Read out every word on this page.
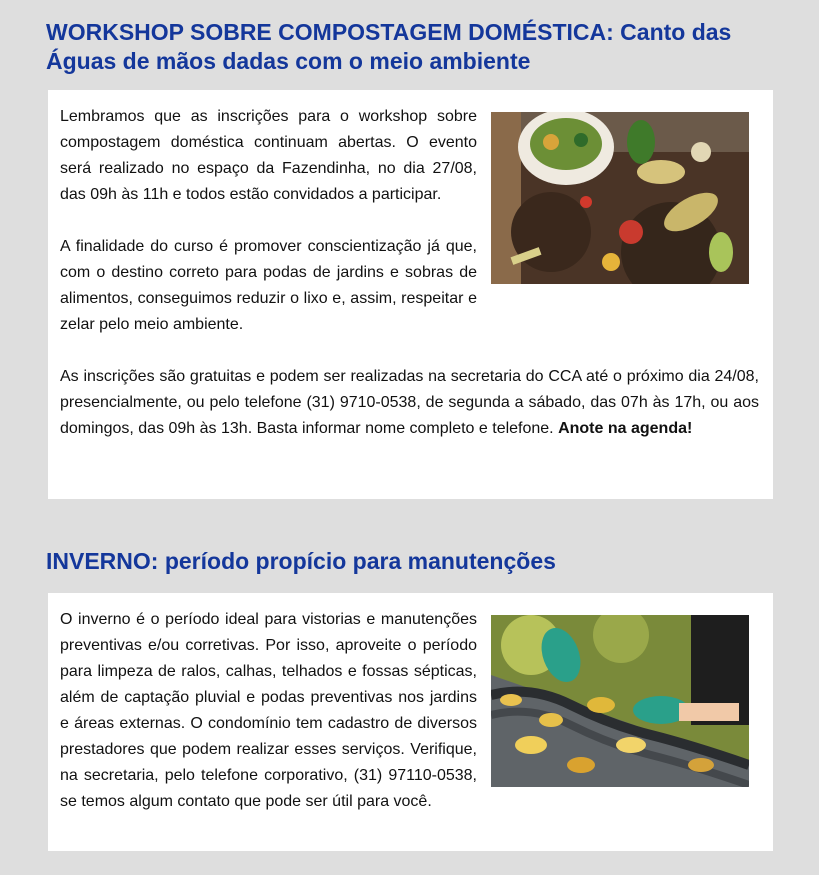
WORKSHOP SOBRE COMPOSTAGEM DOMÉSTICA: Canto das Águas de mãos dadas com o meio ambiente

Lembramos que as inscrições para o workshop sobre compostagem doméstica continuam abertas. O evento será realizado no espaço da Fazendinha, no dia 27/08, das 09h às 11h e todos estão convidados a participar.

A finalidade do curso é promover conscientização já que, com o destino correto para podas de jardins e sobras de alimentos, conseguimos reduzir o lixo e, assim, respeitar e zelar pelo meio ambiente.

As inscrições são gratuitas e podem ser realizadas na secretaria do CCA até o próximo dia 24/08, presencialmente, ou pelo telefone (31) 9710-0538, de segunda a sábado, das 07h às 17h, ou aos domingos, das 09h às 13h. Basta informar nome completo e telefone. Anote na agenda!

INVERNO: período propício para manutenções

O inverno é o período ideal para vistorias e manutenções preventivas e/ou corretivas. Por isso, aproveite o período para limpeza de ralos, calhas, telhados e fossas sépticas, além de captação pluvial e podas preventivas nos jardins e áreas externas. O condomínio tem cadastro de diversos prestadores que podem realizar esses serviços. Verifique, na secretaria, pelo telefone corporativo, (31) 97110-0538, se temos algum contato que pode ser útil para você.
